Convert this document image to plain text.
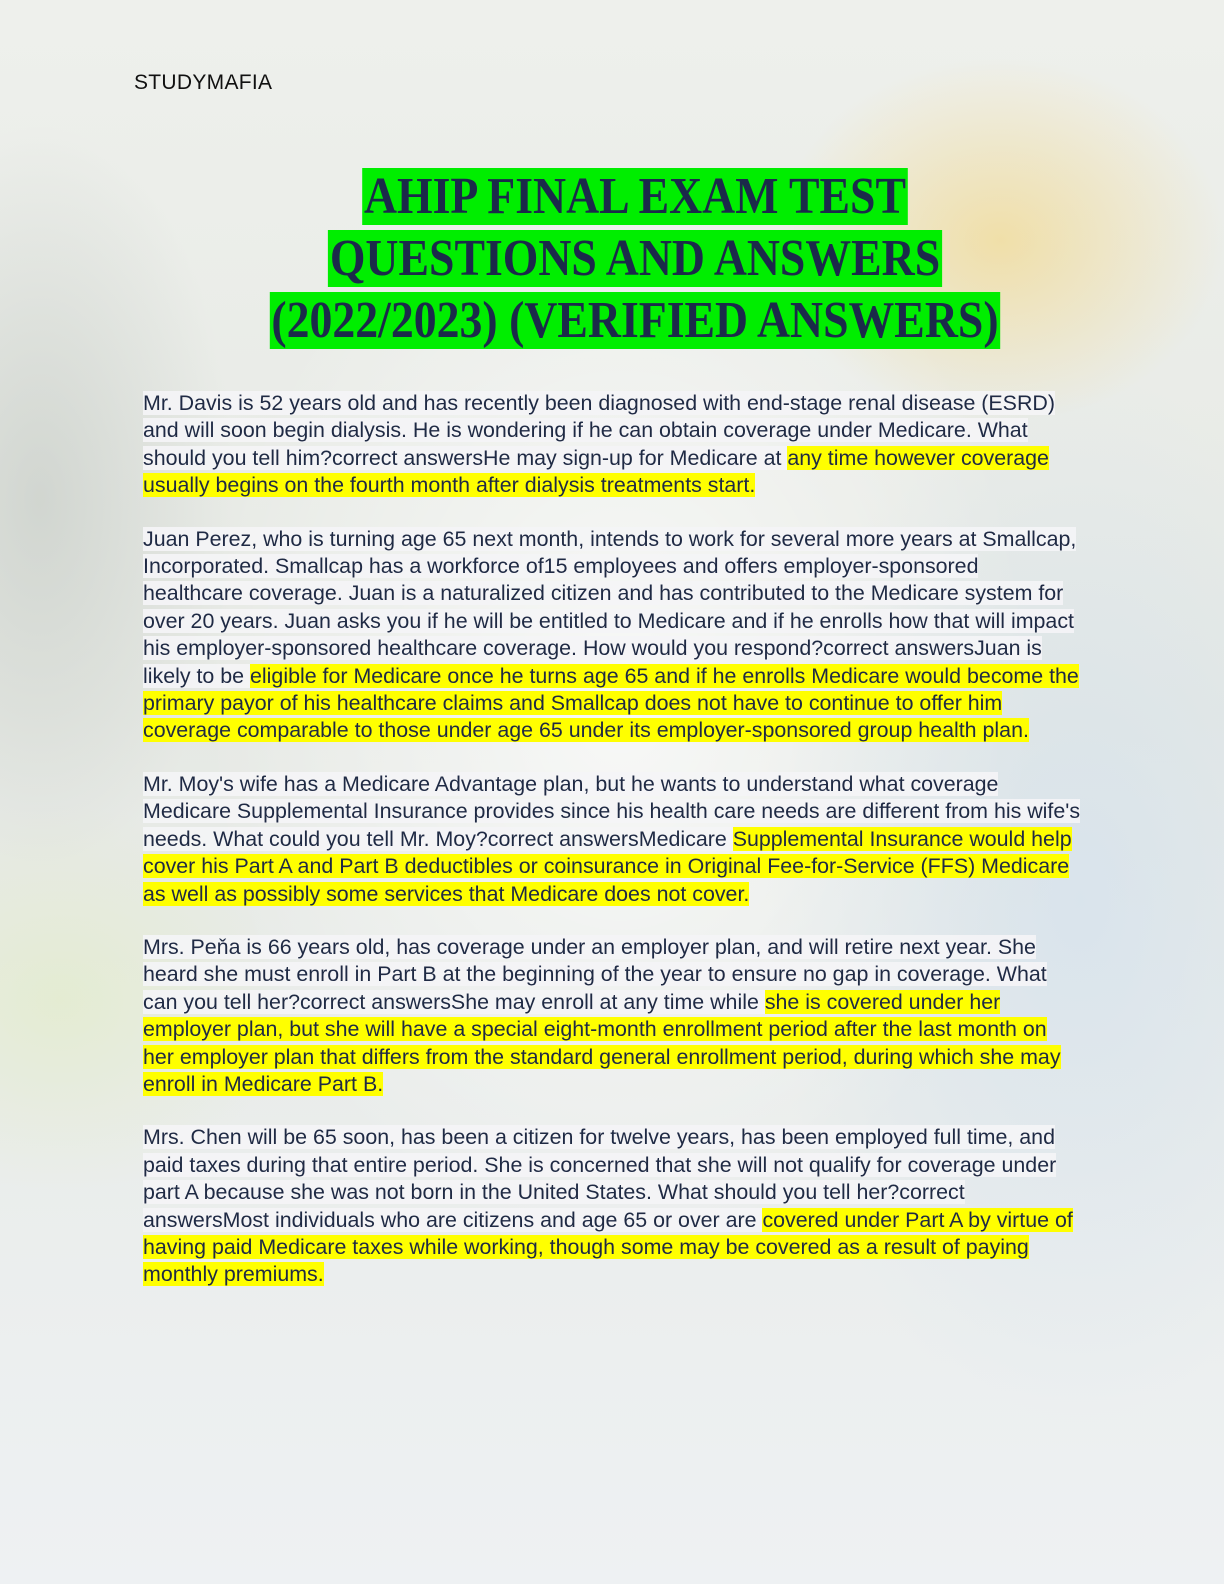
STUDYMAFIA
AHIP FINAL EXAM TEST
QUESTIONS AND ANSWERS
(2022/2023) (VERIFIED ANSWERS)

Mr. Davis is 52 years old and has recently been diagnosed with end-stage renal disease (ESRD) and will soon begin dialysis. He is wondering if he can obtain coverage under Medicare. What should you tell him?correct answersHe may sign-up for Medicare at any time however coverage usually begins on the fourth month after dialysis treatments start.

Juan Perez, who is turning age 65 next month, intends to work for several more years at Smallcap, Incorporated. Smallcap has a workforce of15 employees and offers employer-sponsored healthcare coverage. Juan is a naturalized citizen and has contributed to the Medicare system for over 20 years. Juan asks you if he will be entitled to Medicare and if he enrolls how that will impact his employer-sponsored healthcare coverage. How would you respond?correct answersJuan is likely to be eligible for Medicare once he turns age 65 and if he enrolls Medicare would become the primary payor of his healthcare claims and Smallcap does not have to continue to offer him coverage comparable to those under age 65 under its employer-sponsored group health plan.

Mr. Moy's wife has a Medicare Advantage plan, but he wants to understand what coverage Medicare Supplemental Insurance provides since his health care needs are different from his wife's needs. What could you tell Mr. Moy?correct answersMedicare Supplemental Insurance would help cover his Part A and Part B deductibles or coinsurance in Original Fee-for-Service (FFS) Medicare as well as possibly some services that Medicare does not cover.

Mrs. Peňa is 66 years old, has coverage under an employer plan, and will retire next year. She heard she must enroll in Part B at the beginning of the year to ensure no gap in coverage. What can you tell her?correct answersShe may enroll at any time while she is covered under her employer plan, but she will have a special eight-month enrollment period after the last month on her employer plan that differs from the standard general enrollment period, during which she may enroll in Medicare Part B.

Mrs. Chen will be 65 soon, has been a citizen for twelve years, has been employed full time, and paid taxes during that entire period. She is concerned that she will not qualify for coverage under part A because she was not born in the United States. What should you tell her?correct answersMost individuals who are citizens and age 65 or over are covered under Part A by virtue of having paid Medicare taxes while working, though some may be covered as a result of paying monthly premiums.
